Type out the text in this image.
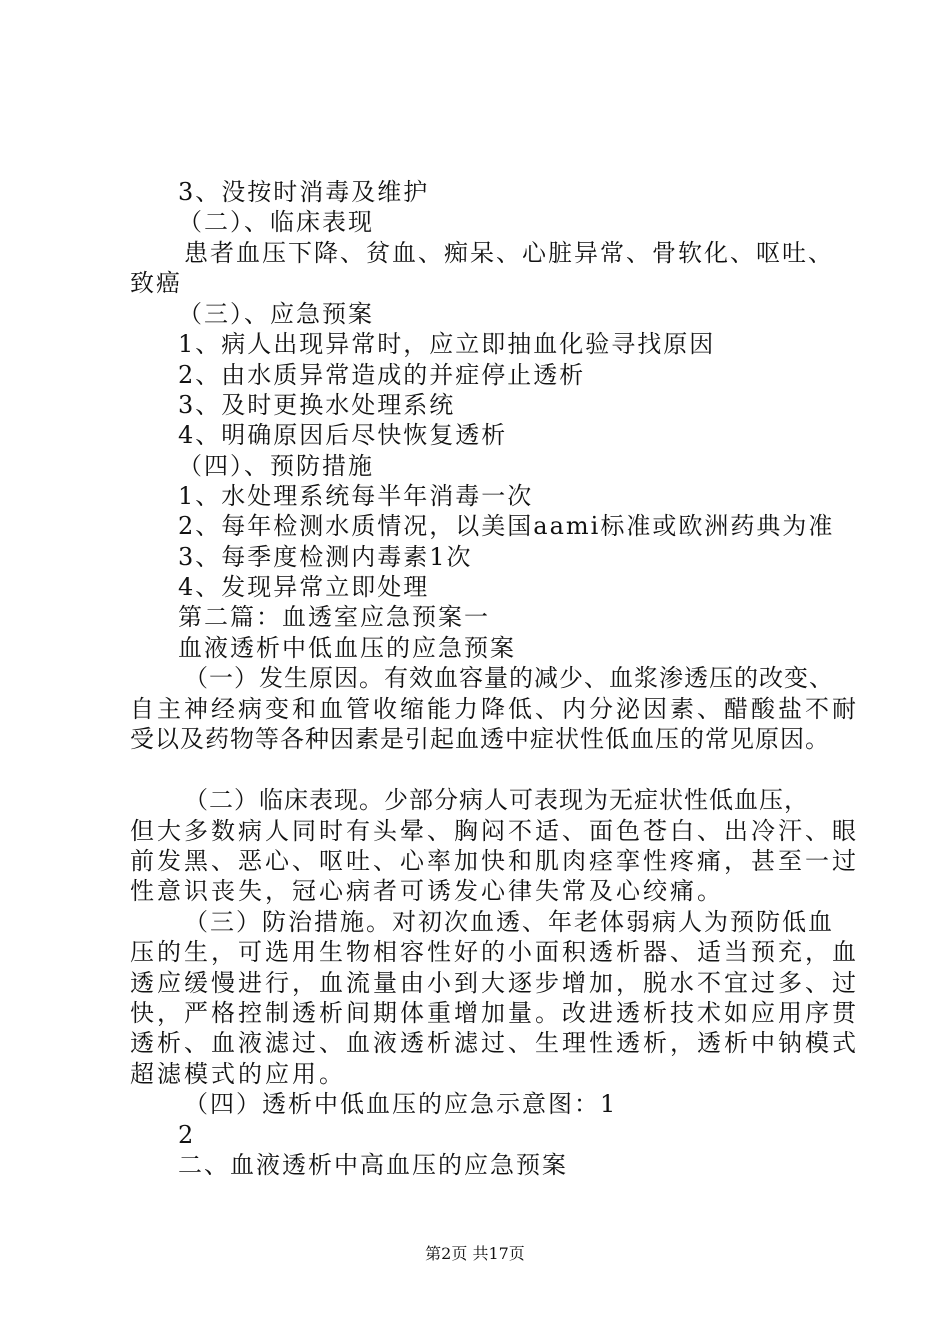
3、没按时消毒及维护
（二）、临床表现
患者血压下降、贫血、痴呆、心脏异常、骨软化、呕吐、
致癌
（三）、应急预案
1、病人出现异常时，应立即抽血化验寻找原因
2、由水质异常造成的并症停止透析
3、及时更换水处理系统
4、明确原因后尽快恢复透析
（四）、预防措施
1、水处理系统每半年消毒一次
2、每年检测水质情况，以美国aami标准或欧洲药典为准
3、每季度检测内毒素1次
4、发现异常立即处理
第二篇：血透室应急预案一
血液透析中低血压的应急预案
（一）发生原因。有效血容量的减少、血浆渗透压的改变、
自主神经病变和血管收缩能力降低、内分泌因素、醋酸盐不耐
受以及药物等各种因素是引起血透中症状性低血压的常见原因。
（二）临床表现。少部分病人可表现为无症状性低血压，
但大多数病人同时有头晕、胸闷不适、面色苍白、出冷汗、眼
前发黑、恶心、呕吐、心率加快和肌肉痉挛性疼痛，甚至一过
性意识丧失，冠心病者可诱发心律失常及心绞痛。
（三）防治措施。对初次血透、年老体弱病人为预防低血
压的生，可选用生物相容性好的小面积透析器、适当预充，血
透应缓慢进行，血流量由小到大逐步增加，脱水不宜过多、过
快，严格控制透析间期体重增加量。改进透析技术如应用序贯
透析、血液滤过、血液透析滤过、生理性透析，透析中钠模式
超滤模式的应用。
（四）透析中低血压的应急示意图：1
2
二、血液透析中高血压的应急预案
第2页 共17页
